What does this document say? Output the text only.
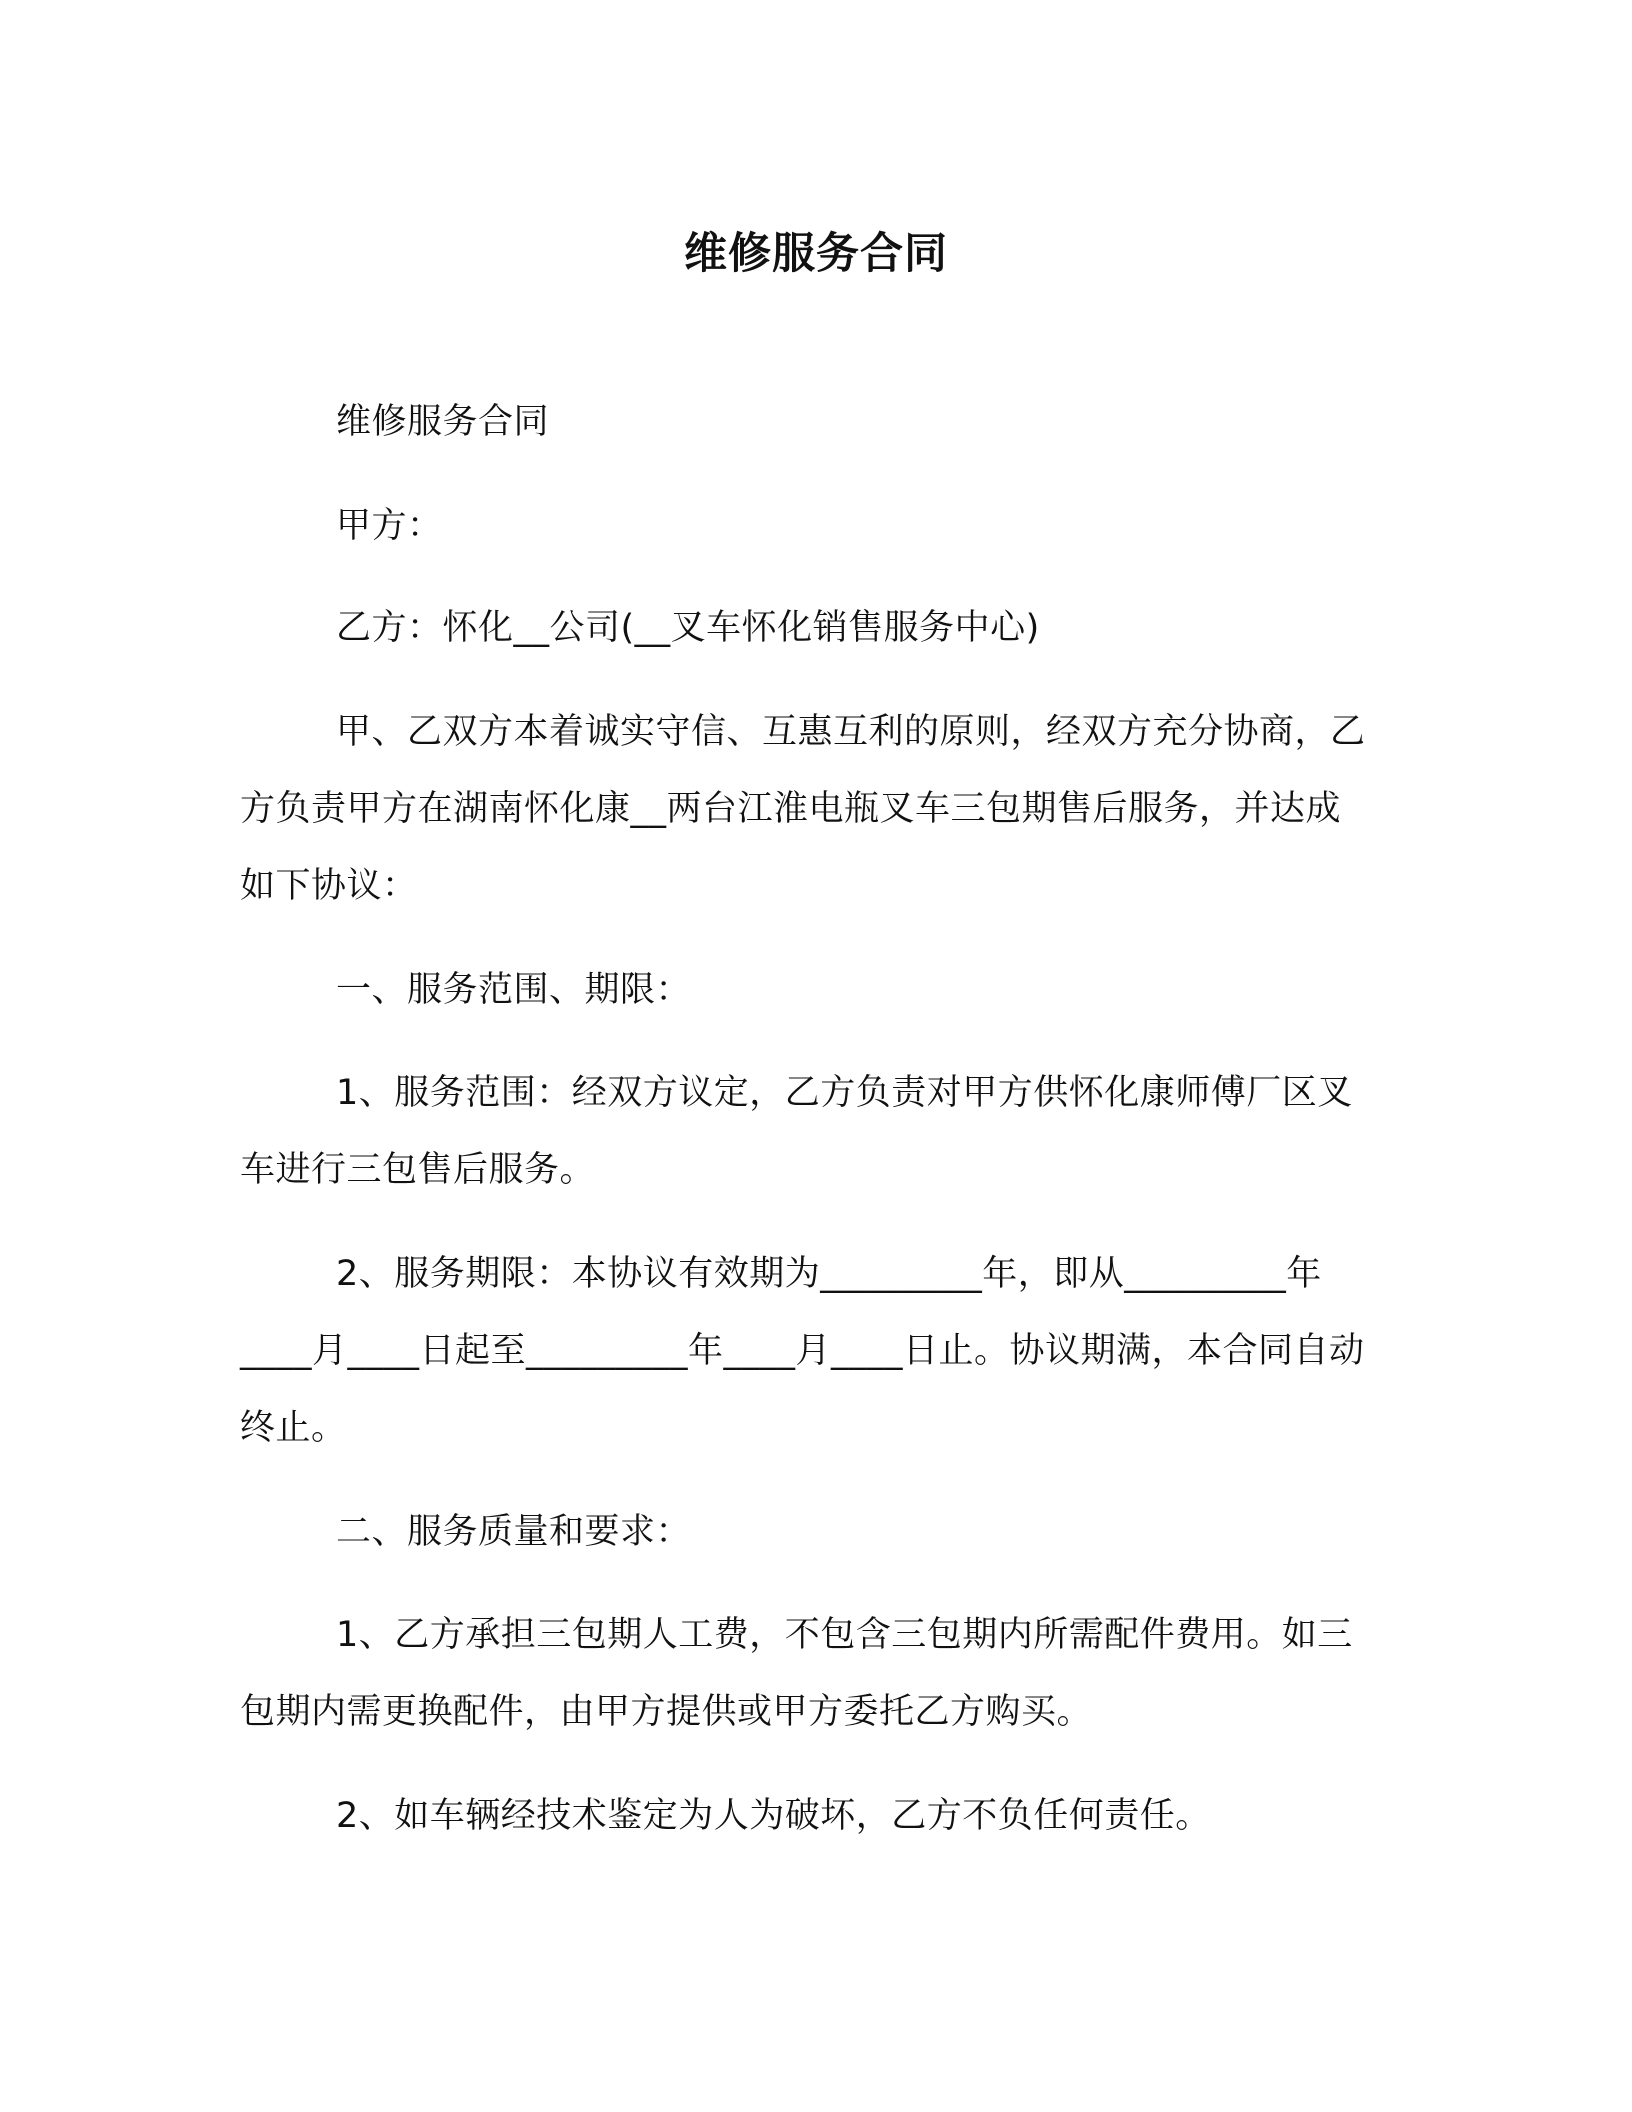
维修服务合同
维修服务合同
甲方：
乙方：怀化__公司(__叉车怀化销售服务中心)
甲、乙双方本着诚实守信、互惠互利的原则，经双方充分协商，乙方负责甲方在湖南怀化康__两台江淮电瓶叉车三包期售后服务，并达成如下协议：
一、服务范围、期限：
1、服务范围：经双方议定，乙方负责对甲方供怀化康师傅厂区叉车进行三包售后服务。
2、服务期限：本协议有效期为_________年，即从_________年____月____日起至_________年____月____日止。协议期满，本合同自动终止。
二、服务质量和要求：
1、乙方承担三包期人工费，不包含三包期内所需配件费用。如三包期内需更换配件，由甲方提供或甲方委托乙方购买。
2、如车辆经技术鉴定为人为破坏，乙方不负任何责任。
